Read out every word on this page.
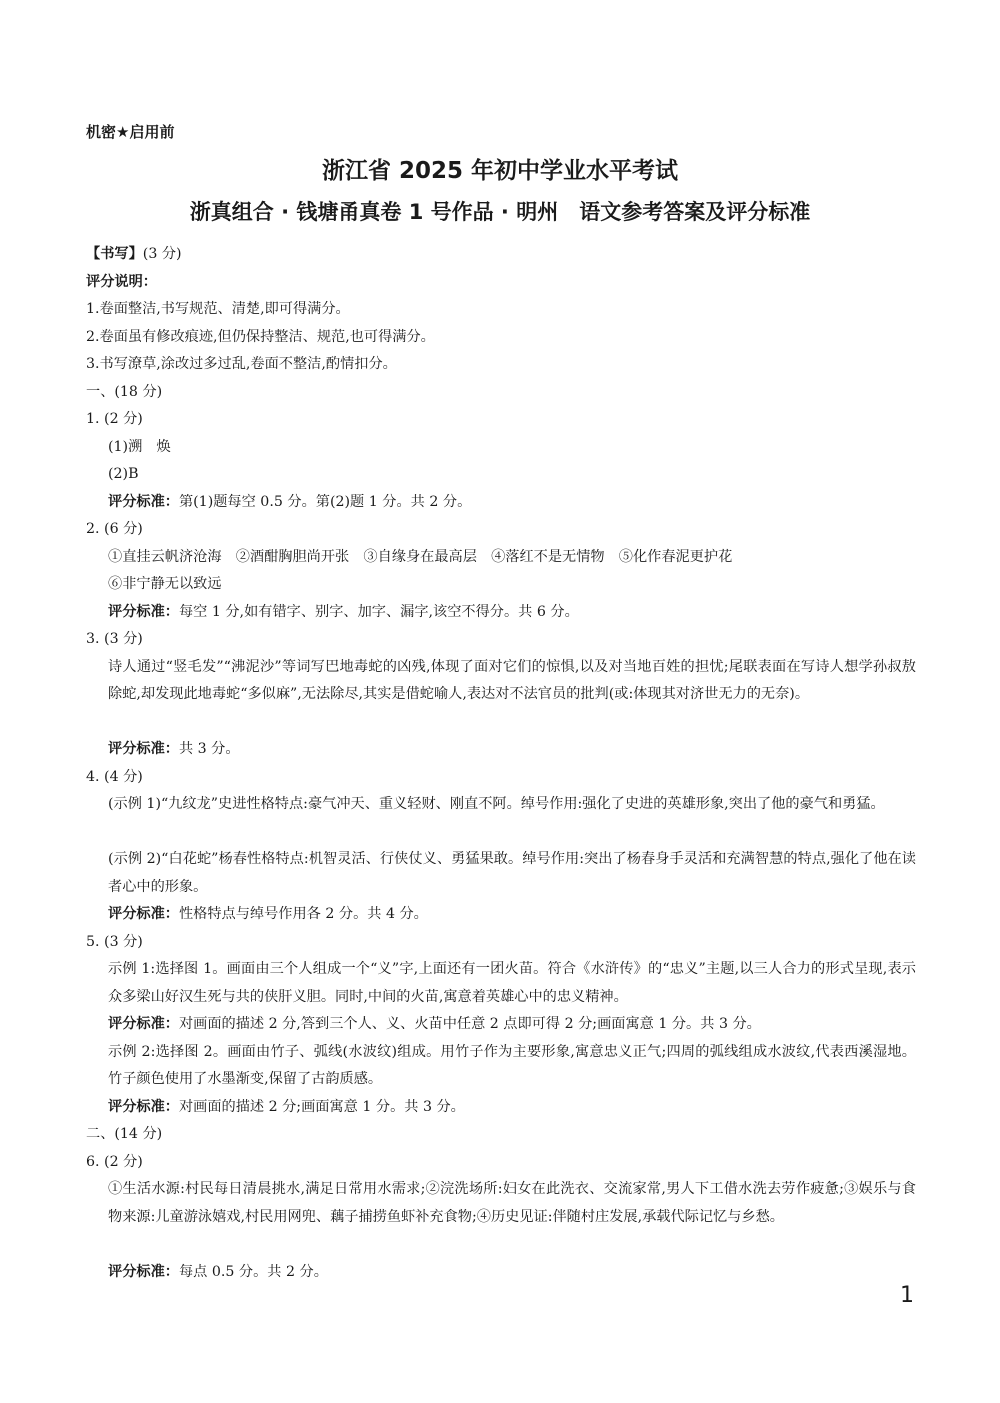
机密★启用前
浙江省 2025 年初中学业水平考试
浙真组合 · 钱塘甬真卷 1 号作品 · 明州　语文参考答案及评分标准
【书写】(3 分)
评分说明：
1.卷面整洁,书写规范、清楚,即可得满分。
2.卷面虽有修改痕迹,但仍保持整洁、规范,也可得满分。
3.书写潦草,涂改过多过乱,卷面不整洁,酌情扣分。
一、(18 分)
1. (2 分)
(1)溯　焕
(2)B
评分标准：第(1)题每空 0.5 分。第(2)题 1 分。共 2 分。
2. (6 分)
①直挂云帆济沧海　②酒酣胸胆尚开张　③自缘身在最高层　④落红不是无情物　⑤化作春泥更护花
⑥非宁静无以致远
评分标准：每空 1 分,如有错字、别字、加字、漏字,该空不得分。共 6 分。
3. (3 分)
诗人通过“竖毛发”“沸泥沙”等词写巴地毒蛇的凶残,体现了面对它们的惊惧,以及对当地百姓的担忧;尾联表面在写诗人想学孙叔敖除蛇,却发现此地毒蛇“多似麻”,无法除尽,其实是借蛇喻人,表达对不法官员的批判(或:体现其对济世无力的无奈)。
评分标准：共 3 分。
4. (4 分)
(示例 1)“九纹龙”史进性格特点:豪气冲天、重义轻财、刚直不阿。绰号作用:强化了史进的英雄形象,突出了他的豪气和勇猛。
(示例 2)“白花蛇”杨春性格特点:机智灵活、行侠仗义、勇猛果敢。绰号作用:突出了杨春身手灵活和充满智慧的特点,强化了他在读者心中的形象。
评分标准：性格特点与绰号作用各 2 分。共 4 分。
5. (3 分)
示例 1:选择图 1。画面由三个人组成一个“义”字,上面还有一团火苗。符合《水浒传》的“忠义”主题,以三人合力的形式呈现,表示众多梁山好汉生死与共的侠肝义胆。同时,中间的火苗,寓意着英雄心中的忠义精神。
评分标准：对画面的描述 2 分,答到三个人、义、火苗中任意 2 点即可得 2 分;画面寓意 1 分。共 3 分。
示例 2:选择图 2。画面由竹子、弧线(水波纹)组成。用竹子作为主要形象,寓意忠义正气;四周的弧线组成水波纹,代表西溪湿地。竹子颜色使用了水墨渐变,保留了古韵质感。
评分标准：对画面的描述 2 分;画面寓意 1 分。共 3 分。
二、(14 分)
6. (2 分)
①生活水源:村民每日清晨挑水,满足日常用水需求;②浣洗场所:妇女在此洗衣、交流家常,男人下工借水洗去劳作疲惫;③娱乐与食物来源:儿童游泳嬉戏,村民用网兜、藕子捕捞鱼虾补充食物;④历史见证:伴随村庄发展,承载代际记忆与乡愁。
评分标准：每点 0.5 分。共 2 分。
1
